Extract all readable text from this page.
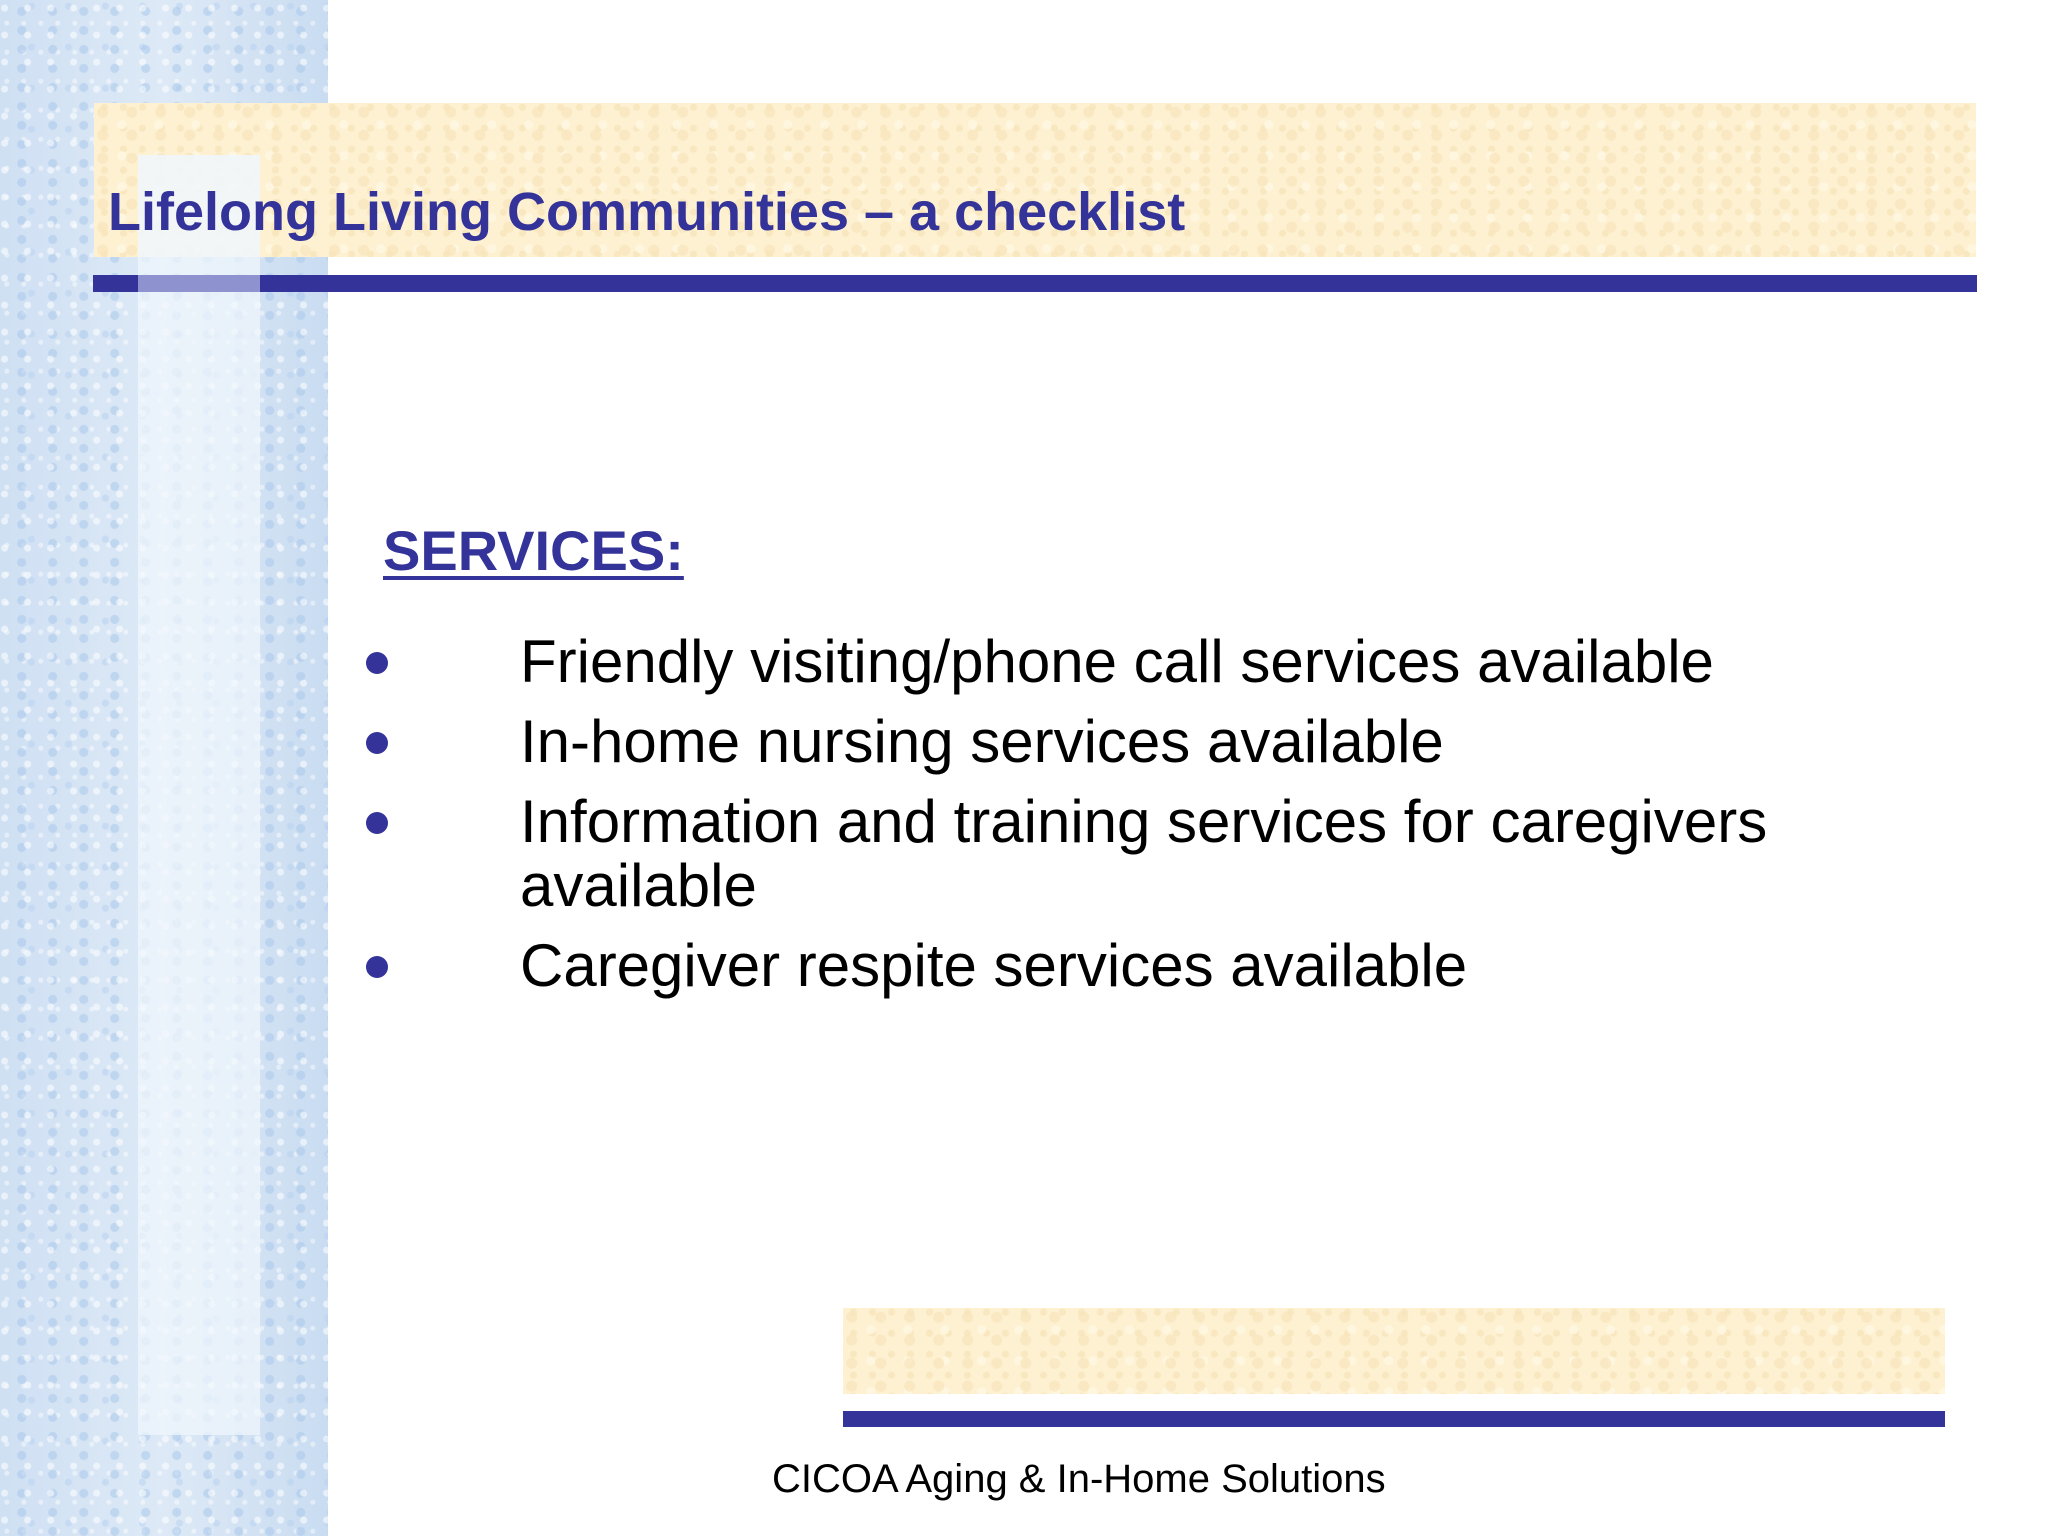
Lifelong Living Communities – a checklist
SERVICES:
Friendly visiting/phone call services available
In-home nursing services available
Information and training services for caregivers available
Caregiver respite services available

CICOA Aging & In-Home Solutions
